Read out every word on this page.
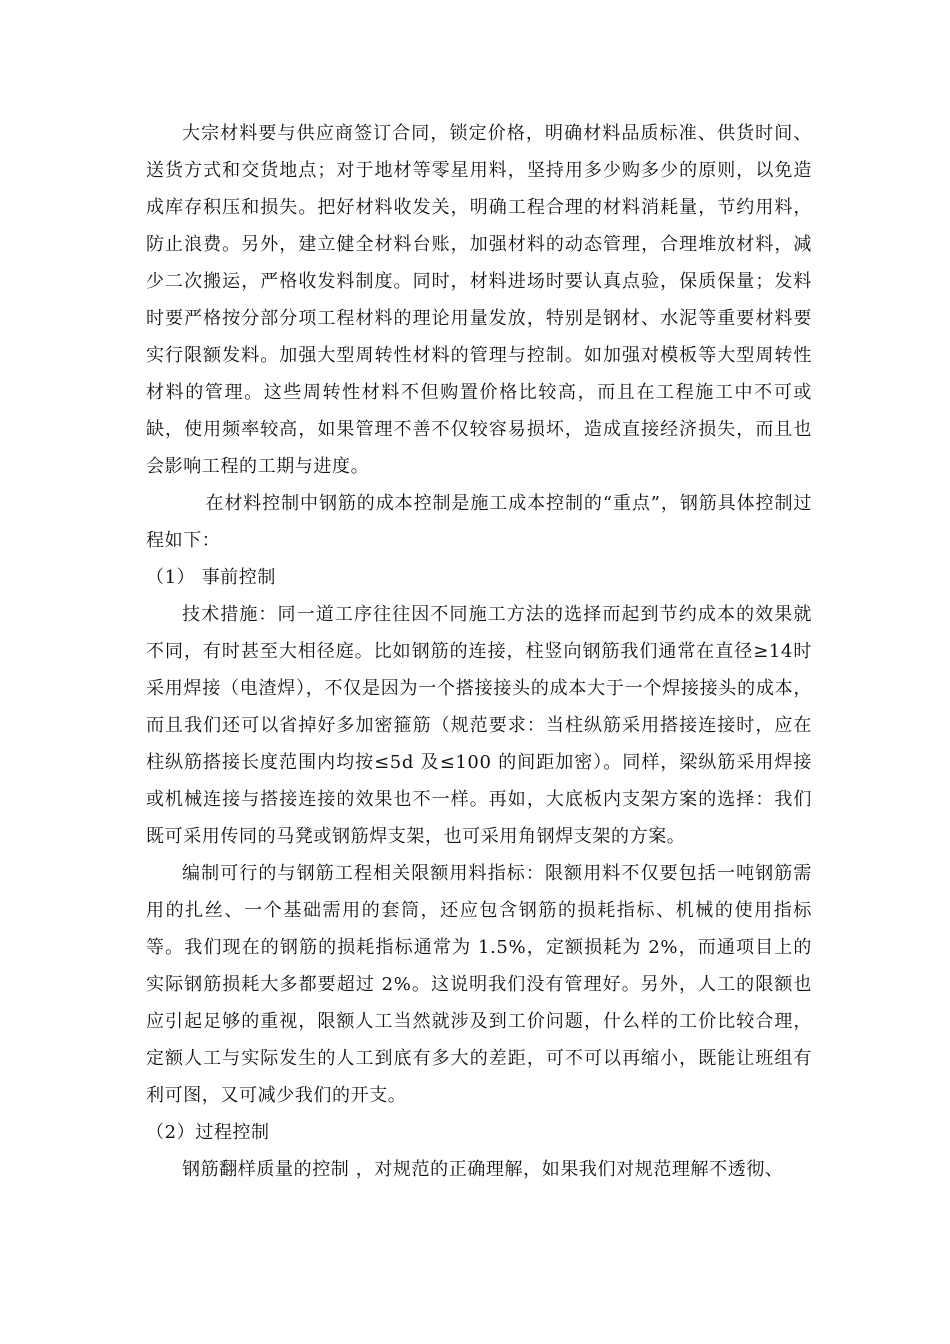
大宗材料要与供应商签订合同，锁定价格，明确材料品质标准、供货时间、送货方式和交货地点；对于地材等零星用料，坚持用多少购多少的原则，以免造成库存积压和损失。把好材料收发关，明确工程合理的材料消耗量，节约用料，防止浪费。另外，建立健全材料台账，加强材料的动态管理，合理堆放材料，减少二次搬运，严格收发料制度。同时，材料进场时要认真点验，保质保量；发料时要严格按分部分项工程材料的理论用量发放，特别是钢材、水泥等重要材料要实行限额发料。加强大型周转性材料的管理与控制。如加强对模板等大型周转性材料的管理。这些周转性材料不但购置价格比较高，而且在工程施工中不可或缺，使用频率较高，如果管理不善不仅较容易损坏，造成直接经济损失，而且也会影响工程的工期与进度。

在材料控制中钢筋的成本控制是施工成本控制的“重点”，钢筋具体控制过程如下：

（1） 事前控制

技术措施：同一道工序往往因不同施工方法的选择而起到节约成本的效果就不同，有时甚至大相径庭。比如钢筋的连接，柱竖向钢筋我们通常在直径≥14时采用焊接（电渣焊），不仅是因为一个搭接接头的成本大于一个焊接接头的成本，而且我们还可以省掉好多加密箍筋（规范要求：当柱纵筋采用搭接连接时，应在柱纵筋搭接长度范围内均按≤5d 及≤100 的间距加密）。同样，梁纵筋采用焊接或机械连接与搭接连接的效果也不一样。再如，大底板内支架方案的选择：我们既可采用传同的马凳或钢筋焊支架，也可采用角钢焊支架的方案。

编制可行的与钢筋工程相关限额用料指标：限额用料不仅要包括一吨钢筋需用的扎丝、一个基础需用的套筒，还应包含钢筋的损耗指标、机械的使用指标等。我们现在的钢筋的损耗指标通常为 1.5%，定额损耗为 2%，而通项目上的实际钢筋损耗大多都要超过 2%。这说明我们没有管理好。另外，人工的限额也应引起足够的重视，限额人工当然就涉及到工价问题，什么样的工价比较合理，定额人工与实际发生的人工到底有多大的差距，可不可以再缩小，既能让班组有利可图，又可减少我们的开支。

（2）过程控制

钢筋翻样质量的控制 ，对规范的正确理解，如果我们对规范理解不透彻、
